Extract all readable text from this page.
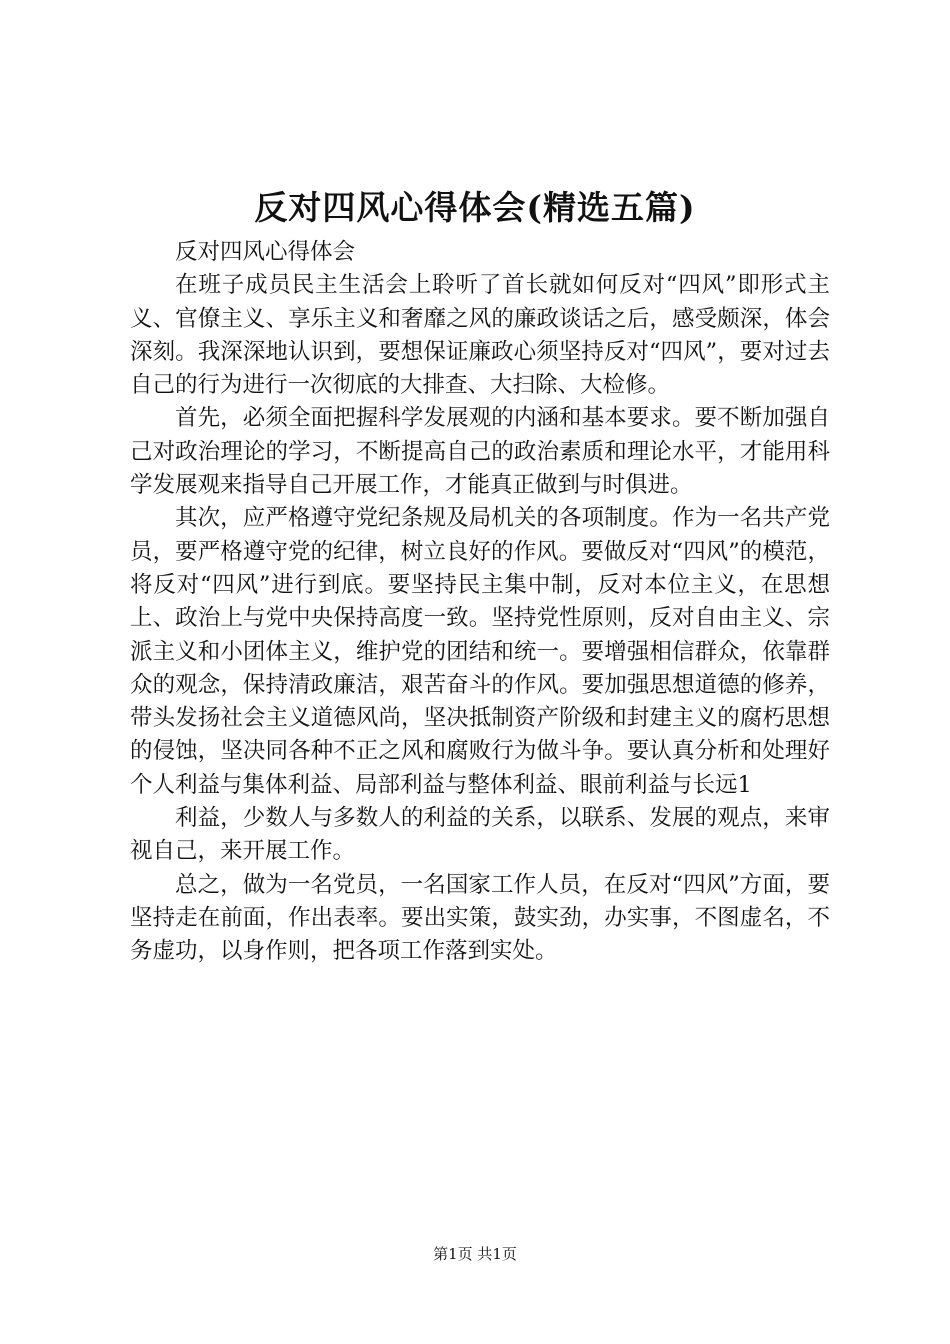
反对四风心得体会(精选五篇)

反对四风心得体会

在班子成员民主生活会上聆听了首长就如何反对“四风”即形式主义、官僚主义、享乐主义和奢靡之风的廉政谈话之后，感受颇深，体会深刻。我深深地认识到，要想保证廉政心须坚持反对“四风”，要对过去自己的行为进行一次彻底的大排查、大扫除、大检修。

首先，必须全面把握科学发展观的内涵和基本要求。要不断加强自己对政治理论的学习，不断提高自己的政治素质和理论水平，才能用科学发展观来指导自己开展工作，才能真正做到与时俱进。

其次，应严格遵守党纪条规及局机关的各项制度。作为一名共产党员，要严格遵守党的纪律，树立良好的作风。要做反对“四风”的模范，将反对“四风”进行到底。要坚持民主集中制，反对本位主义，在思想上、政治上与党中央保持高度一致。坚持党性原则，反对自由主义、宗派主义和小团体主义，维护党的团结和统一。要增强相信群众，依靠群众的观念，保持清政廉洁，艰苦奋斗的作风。要加强思想道德的修养，带头发扬社会主义道德风尚，坚决抵制资产阶级和封建主义的腐朽思想的侵蚀，坚决同各种不正之风和腐败行为做斗争。要认真分析和处理好个人利益与集体利益、局部利益与整体利益、眼前利益与长远1

利益，少数人与多数人的利益的关系，以联系、发展的观点，来审视自己，来开展工作。

总之，做为一名党员，一名国家工作人员，在反对“四风”方面，要坚持走在前面，作出表率。要出实策，鼓实劲，办实事，不图虚名，不务虚功，以身作则，把各项工作落到实处。

第1页 共1页
